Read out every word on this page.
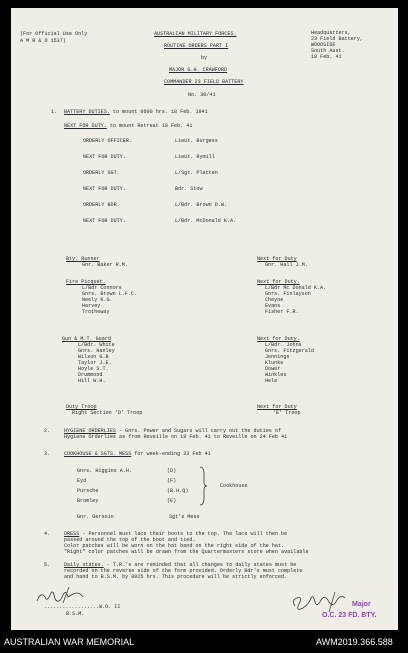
(For Official Use Only
A M R & O 1537)
AUSTRALIAN MILITARY FORCES.
ROUTINE ORDERS PART I
by
MAJOR G.H. CRAWFORD
COMMANDER 23 FIELD BATTERY
No. 30/41
Headquarters,
23 Field Battery,
WOODSIDE
South Aust.
18 Feb. 41
1. BATTERY DUTIES. to mount 0600 hrs. 18 Feb. 1941
NEXT FOR DUTY. to mount Retreat 18 Feb. 41
ORDERLY OFFICER.	Lieut. Burgess
NEXT FOR DUTY.	Lieut. Rymill
ORDERLY SGT.	L/Sgt. Platten
NEXT FOR DUTY.	Bdr. Stow
ORDERLY BDR.	L/Bdr. Brown D.W.
NEXT FOR DUTY.	L/Bdr. McDonald K.A.
Bty. Runner
Gnr. Baker R.M.
Next for Duty
Gnr. Hall J.M.
Fire Picquet.
L/Bdr Connors
Gnrs. Brown L.F.C.
Neely K.G.
Harvey
Trotheway
Next for Duty.
L/Bdr Mc Donald K.A.
Gnrs. Finlayson
Cheyne
Evans
Fisher F.R.
Gun & M.T. Guard
L/Bdr. White
Gnrs. Hanley
Wilson G.B
Taylor J.E.
Hoyle S.T.
Drummond
Hill W.H.
Next for Duty.
L/Bdr. Johns
Gnrs. Fitzgerald
Jennings
Klunke
Dower
Winkles
Hele
Duty Troop
Right Section 'D' Troop
Next for Duty
'E' Troop
2.	HYGIENE ORDERLIES - Gnrs. Power and Sugars will carry out the duties of
Hygiene Orderlies as from Reveille on 18 Feb. 41 to Reveille on 24 Feb 41
3.	COOKHOUSE & SGTS. MESS for week-ending 23 Feb 41
Gnrs. Higgins A.H.	(D)
Eyd	(F)
Pursche	(B.H.Q)
Bromley	(E)
Cookhouse
Gnr. Gersoin	Sgt's Mess
4.	DRESS - Personnel must lace their boots to the top. The lace will then be
passed around the top of the boot and tied.
Color patches will be worn on the hat band on the right side of the hat.
"Right" color patches will be drawn from the Quartermasters store when available
5.	Daily states. - T.R.'s are reminded that all changes to daily states must be
recorded on the reverse side of the form provided. Orderly Bdr's must complete
and hand to B.S.M. by 0825 hrs. This procedure will be strictly enforced.
..................W.O. II
B.S.M.
Major
O.C. 23 FD. BTY.
AUSTRALIAN WAR MEMORIAL	AWM2019.366.588
